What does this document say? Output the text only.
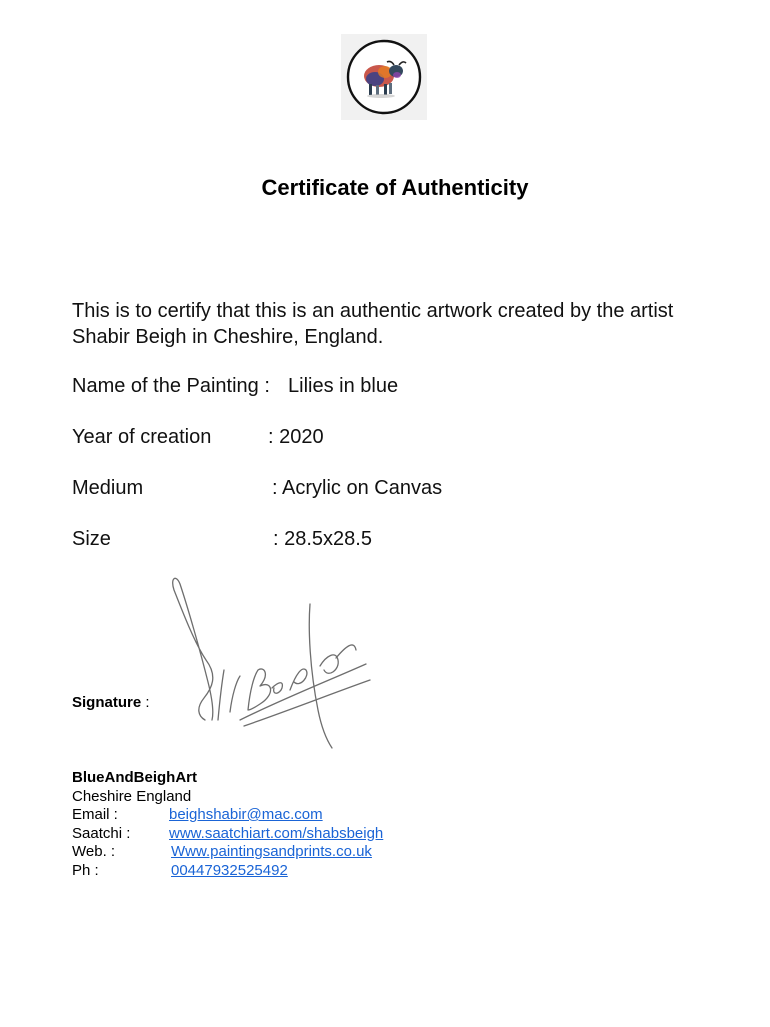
Certificate of Authenticity
This is to certify that this is an authentic artwork created by the artist
Shabir Beigh in Cheshire, England.
Name of the Painting : Lilies in blue
Year of creation	: 2020
Medium	: Acrylic on Canvas
Size	: 28.5x28.5
Signature :
BlueAndBeighArt
Cheshire England
Email :	beighshabir@mac.com
Saatchi :	www.saatchiart.com/shabsbeigh
Web. :	Www.paintingsandprints.co.uk
Ph :	00447932525492
